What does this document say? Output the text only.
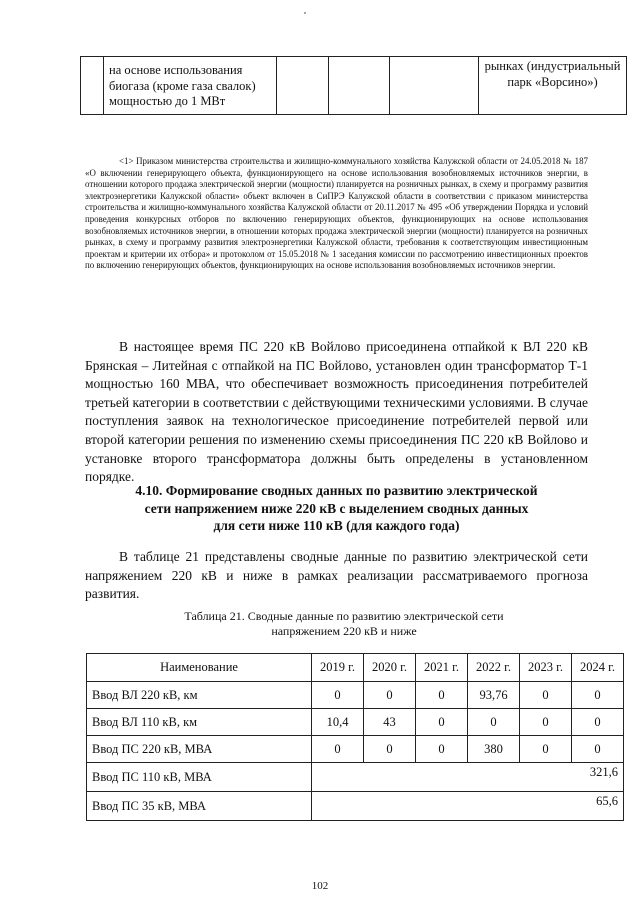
	на основе использования биогаза (кроме газа свалок) мощностью до 1 МВт				рынках (индустриальный парк «Ворсино»)
<1> Приказом министерства строительства и жилищно-коммунального хозяйства Калужской области от 24.05.2018 № 187 «О включении генерирующего объекта, функционирующего на основе использования возобновляемых источников энергии, в отношении которого продажа электрической энергии (мощности) планируется на розничных рынках, в схему и программу развития электроэнергетики Калужской области» объект включен в СиПРЭ Калужской области в соответствии с приказом министерства строительства и жилищно-коммунального хозяйства Калужской области от 20.11.2017 № 495 «Об утверждении Порядка и условий проведения конкурсных отборов по включению генерирующих объектов, функционирующих на основе использования возобновляемых источников энергии, в отношении которых продажа электрической энергии (мощности) планируется на розничных рынках, в схему и программу развития электроэнергетики Калужской области, требования к соответствующим инвестиционным проектам и критерии их отбора» и протоколом от 15.05.2018 № 1 заседания комиссии по рассмотрению инвестиционных проектов по включению генерирующих объектов, функционирующих на основе использования возобновляемых источников энергии.
В настоящее время ПС 220 кВ Войлово присоединена отпайкой к ВЛ 220 кВ Брянская – Литейная с отпайкой на ПС Войлово, установлен один трансформатор Т-1 мощностью 160 МВА, что обеспечивает возможность присоединения потребителей третьей категории в соответствии с действующими техническими условиями. В случае поступления заявок на технологическое присоединение потребителей первой или второй категории решения по изменению схемы присоединения ПС 220 кВ Войлово и установке второго трансформатора должны быть определены в установленном порядке.
4.10. Формирование сводных данных по развитию электрической
сети напряжением ниже 220 кВ с выделением сводных данных
для сети ниже 110 кВ (для каждого года)
В таблице 21 представлены сводные данные по развитию электрической сети напряжением 220 кВ и ниже в рамках реализации рассматриваемого прогноза развития.
Таблица 21. Сводные данные по развитию электрической сети
напряжением 220 кВ и ниже
Наименование	2019 г.	2020 г.	2021 г.	2022 г.	2023 г.	2024 г.
Ввод ВЛ 220 кВ, км	0	0	0	93,76	0	0
Ввод ВЛ 110 кВ, км	10,4	43	0	0	0	0
Ввод ПС 220 кВ, МВА	0	0	0	380	0	0
Ввод ПС 110 кВ, МВА	321,6					
Ввод ПС 35 кВ, МВА	65,6					
102
